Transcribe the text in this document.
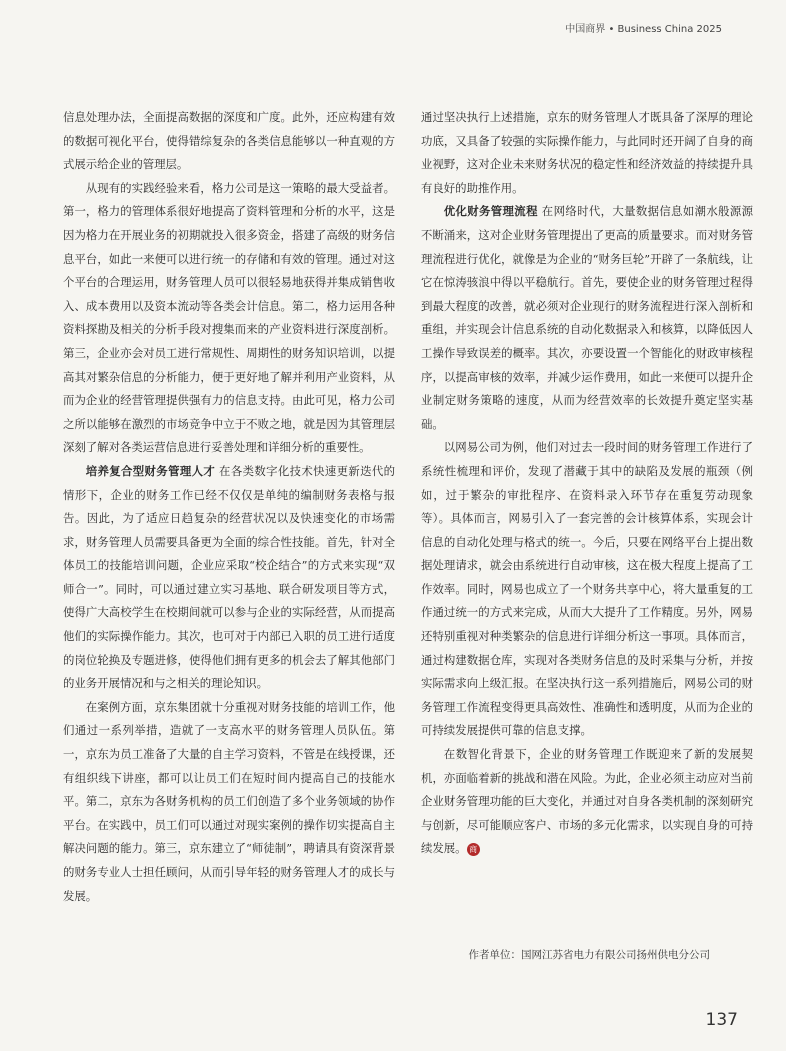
中国商界 • Business China 2025

信息处理办法，全面提高数据的深度和广度。此外，还应构建有效的数据可视化平台，使得错综复杂的各类信息能够以一种直观的方式展示给企业的管理层。

从现有的实践经验来看，格力公司是这一策略的最大受益者。第一，格力的管理体系很好地提高了资料管理和分析的水平，这是因为格力在开展业务的初期就投入很多资金，搭建了高级的财务信息平台，如此一来便可以进行统一的存储和有效的管理。通过对这个平台的合理运用，财务管理人员可以很轻易地获得并集成销售收入、成本费用以及资本流动等各类会计信息。第二，格力运用各种资料探勘及相关的分析手段对搜集而来的产业资料进行深度剖析。第三，企业亦会对员工进行常规性、周期性的财务知识培训，以提高其对繁杂信息的分析能力，便于更好地了解并利用产业资料，从而为企业的经营管理提供强有力的信息支持。由此可见，格力公司之所以能够在激烈的市场竞争中立于不败之地，就是因为其管理层深刻了解对各类运营信息进行妥善处理和详细分析的重要性。

培养复合型财务管理人才 在各类数字化技术快速更新迭代的情形下，企业的财务工作已经不仅仅是单纯的编制财务表格与报告。因此，为了适应日趋复杂的经营状况以及快速变化的市场需求，财务管理人员需要具备更为全面的综合性技能。首先，针对全体员工的技能培训问题，企业应采取“校企结合”的方式来实现“双师合一”。同时，可以通过建立实习基地、联合研发项目等方式，使得广大高校学生在校期间就可以参与企业的实际经营，从而提高他们的实际操作能力。其次，也可对于内部已入职的员工进行适度的岗位轮换及专题进修，使得他们拥有更多的机会去了解其他部门的业务开展情况和与之相关的理论知识。

在案例方面，京东集团就十分重视对财务技能的培训工作，他们通过一系列举措，造就了一支高水平的财务管理人员队伍。第一，京东为员工准备了大量的自主学习资料，不管是在线授课，还有组织线下讲座，都可以让员工们在短时间内提高自己的技能水平。第二，京东为各财务机构的员工们创造了多个业务领域的协作平台。在实践中，员工们可以通过对现实案例的操作切实提高自主解决问题的能力。第三，京东建立了“师徒制”，聘请具有资深背景的财务专业人士担任顾问，从而引导年轻的财务管理人才的成长与发展。

通过坚决执行上述措施，京东的财务管理人才既具备了深厚的理论功底，又具备了较强的实际操作能力，与此同时还开阔了自身的商业视野，这对企业未来财务状况的稳定性和经济效益的持续提升具有良好的助推作用。

优化财务管理流程 在网络时代，大量数据信息如潮水般源源不断涌来，这对企业财务管理提出了更高的质量要求。而对财务管理流程进行优化，就像是为企业的“财务巨轮”开辟了一条航线，让它在惊涛骇浪中得以平稳航行。首先，要使企业的财务管理过程得到最大程度的改善，就必须对企业现行的财务流程进行深入剖析和重组，并实现会计信息系统的自动化数据录入和核算，以降低因人工操作导致误差的概率。其次，亦要设置一个智能化的财政审核程序，以提高审核的效率，并减少运作费用，如此一来便可以提升企业制定财务策略的速度，从而为经营效率的长效提升奠定坚实基础。

以网易公司为例，他们对过去一段时间的财务管理工作进行了系统性梳理和评价，发现了潜藏于其中的缺陷及发展的瓶颈（例如，过于繁杂的审批程序、在资料录入环节存在重复劳动现象等）。具体而言，网易引入了一套完善的会计核算体系，实现会计信息的自动化处理与格式的统一。今后，只要在网络平台上提出数据处理请求，就会由系统进行自动审核，这在极大程度上提高了工作效率。同时，网易也成立了一个财务共享中心，将大量重复的工作通过统一的方式来完成，从而大大提升了工作精度。另外，网易还特别重视对种类繁杂的信息进行详细分析这一事项。具体而言，通过构建数据仓库，实现对各类财务信息的及时采集与分析，并按实际需求向上级汇报。在坚决执行这一系列措施后，网易公司的财务管理工作流程变得更具高效性、准确性和透明度，从而为企业的可持续发展提供可靠的信息支撑。

在数智化背景下，企业的财务管理工作既迎来了新的发展契机，亦面临着新的挑战和潜在风险。为此，企业必须主动应对当前企业财务管理功能的巨大变化，并通过对自身各类机制的深刻研究与创新，尽可能顺应客户、市场的多元化需求，以实现自身的可持续发展。 商

作者单位：国网江苏省电力有限公司扬州供电分公司
137
